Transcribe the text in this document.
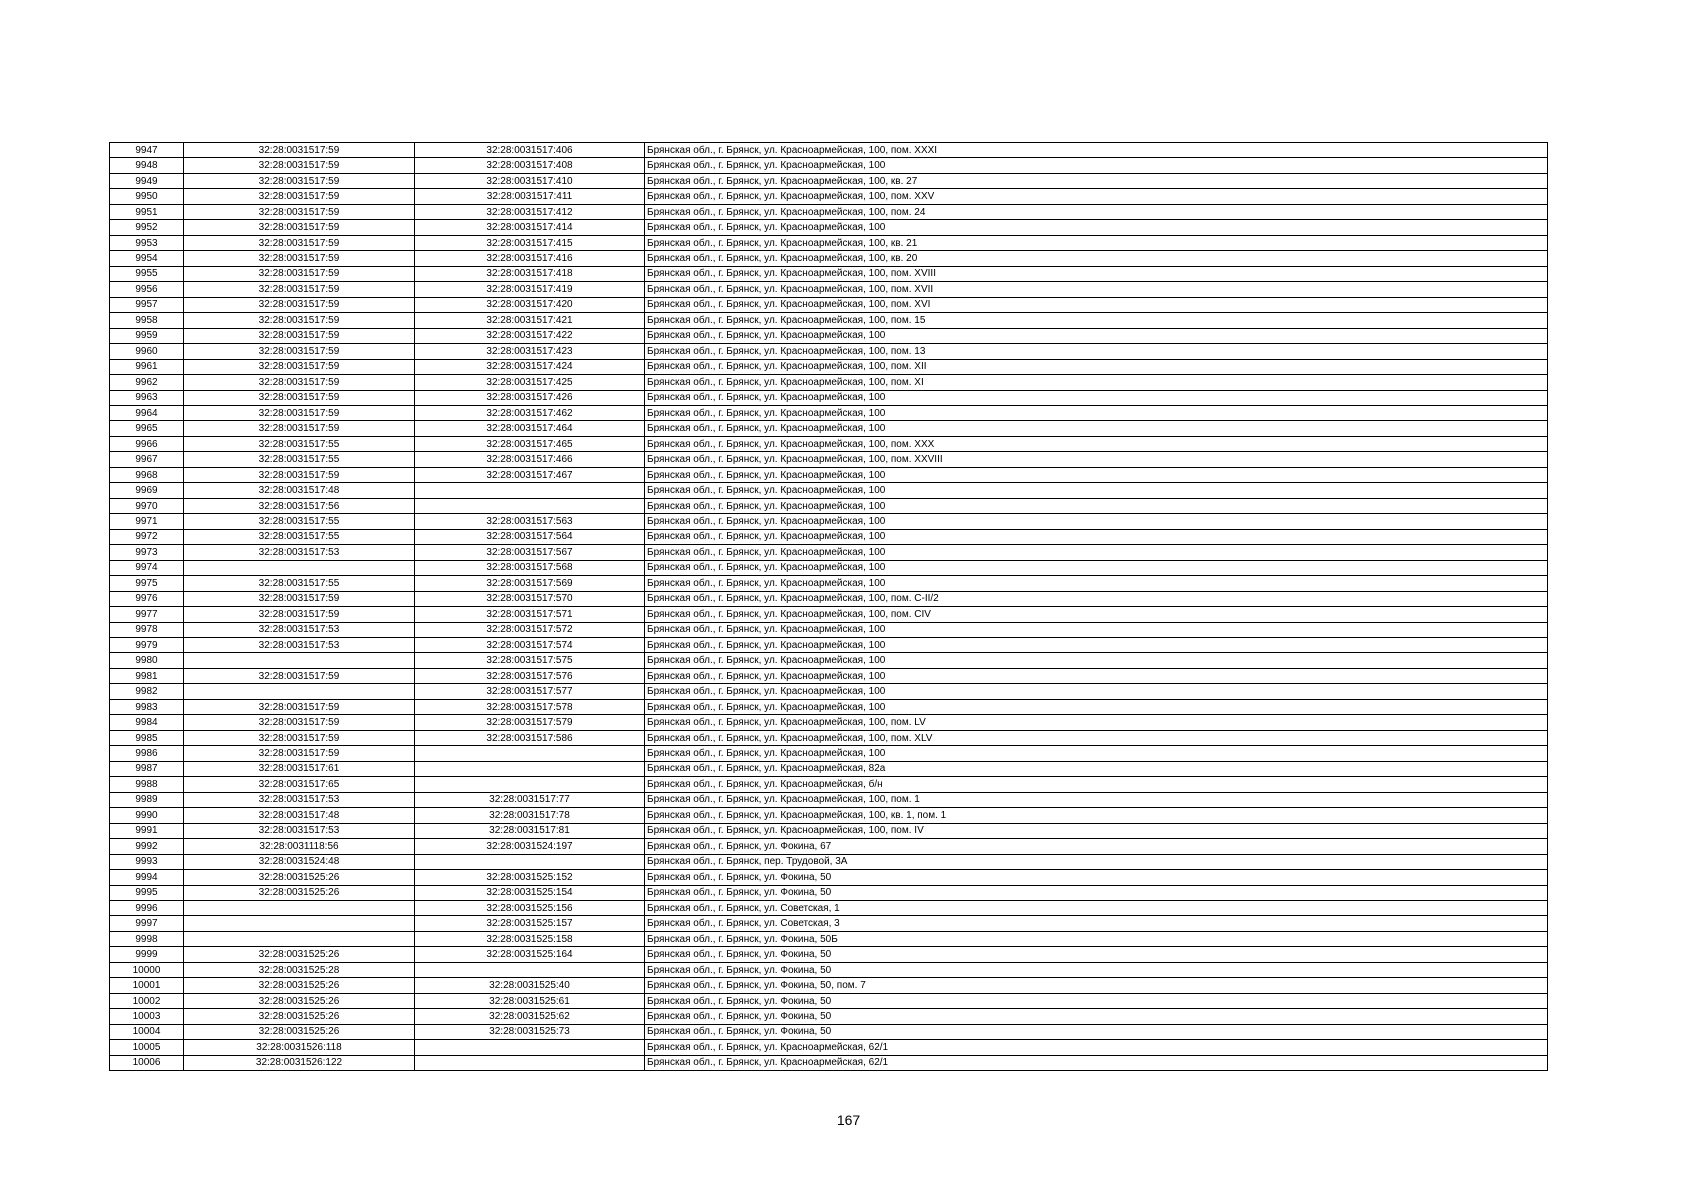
9947	32:28:0031517:59	32:28:0031517:406	Брянская обл., г. Брянск, ул. Красноармейская, 100, пом. XXXI
9948	32:28:0031517:59	32:28:0031517:408	Брянская обл., г. Брянск, ул. Красноармейская, 100
9949	32:28:0031517:59	32:28:0031517:410	Брянская обл., г. Брянск, ул. Красноармейская, 100, кв. 27
9950	32:28:0031517:59	32:28:0031517:411	Брянская обл., г. Брянск, ул. Красноармейская, 100, пом. XXV
9951	32:28:0031517:59	32:28:0031517:412	Брянская обл., г. Брянск, ул. Красноармейская, 100, пом. 24
9952	32:28:0031517:59	32:28:0031517:414	Брянская обл., г. Брянск, ул. Красноармейская, 100
9953	32:28:0031517:59	32:28:0031517:415	Брянская обл., г. Брянск, ул. Красноармейская, 100, кв. 21
9954	32:28:0031517:59	32:28:0031517:416	Брянская обл., г. Брянск, ул. Красноармейская, 100, кв. 20
9955	32:28:0031517:59	32:28:0031517:418	Брянская обл., г. Брянск, ул. Красноармейская, 100, пом. XVIII
9956	32:28:0031517:59	32:28:0031517:419	Брянская обл., г. Брянск, ул. Красноармейская, 100, пом. XVII
9957	32:28:0031517:59	32:28:0031517:420	Брянская обл., г. Брянск, ул. Красноармейская, 100, пом. XVI
9958	32:28:0031517:59	32:28:0031517:421	Брянская обл., г. Брянск, ул. Красноармейская, 100, пом. 15
9959	32:28:0031517:59	32:28:0031517:422	Брянская обл., г. Брянск, ул. Красноармейская, 100
9960	32:28:0031517:59	32:28:0031517:423	Брянская обл., г. Брянск, ул. Красноармейская, 100, пом. 13
9961	32:28:0031517:59	32:28:0031517:424	Брянская обл., г. Брянск, ул. Красноармейская, 100, пом. XII
9962	32:28:0031517:59	32:28:0031517:425	Брянская обл., г. Брянск, ул. Красноармейская, 100, пом. XI
9963	32:28:0031517:59	32:28:0031517:426	Брянская обл., г. Брянск, ул. Красноармейская, 100
9964	32:28:0031517:59	32:28:0031517:462	Брянская обл., г. Брянск, ул. Красноармейская, 100
9965	32:28:0031517:59	32:28:0031517:464	Брянская обл., г. Брянск, ул. Красноармейская, 100
9966	32:28:0031517:55	32:28:0031517:465	Брянская обл., г. Брянск, ул. Красноармейская, 100, пом. XXX
9967	32:28:0031517:55	32:28:0031517:466	Брянская обл., г. Брянск, ул. Красноармейская, 100, пом. XXVIII
9968	32:28:0031517:59	32:28:0031517:467	Брянская обл., г. Брянск, ул. Красноармейская, 100
9969	32:28:0031517:48		Брянская обл., г. Брянск, ул. Красноармейская, 100
9970	32:28:0031517:56		Брянская обл., г. Брянск, ул. Красноармейская, 100
9971	32:28:0031517:55	32:28:0031517:563	Брянская обл., г. Брянск, ул. Красноармейская, 100
9972	32:28:0031517:55	32:28:0031517:564	Брянская обл., г. Брянск, ул. Красноармейская, 100
9973	32:28:0031517:53	32:28:0031517:567	Брянская обл., г. Брянск, ул. Красноармейская, 100
9974		32:28:0031517:568	Брянская обл., г. Брянск, ул. Красноармейская, 100
9975	32:28:0031517:55	32:28:0031517:569	Брянская обл., г. Брянск, ул. Красноармейская, 100
9976	32:28:0031517:59	32:28:0031517:570	Брянская обл., г. Брянск, ул. Красноармейская, 100, пом. С-II/2
9977	32:28:0031517:59	32:28:0031517:571	Брянская обл., г. Брянск, ул. Красноармейская, 100, пом. CIV
9978	32:28:0031517:53	32:28:0031517:572	Брянская обл., г. Брянск, ул. Красноармейская, 100
9979	32:28:0031517:53	32:28:0031517:574	Брянская обл., г. Брянск, ул. Красноармейская, 100
9980		32:28:0031517:575	Брянская обл., г. Брянск, ул. Красноармейская, 100
9981	32:28:0031517:59	32:28:0031517:576	Брянская обл., г. Брянск, ул. Красноармейская, 100
9982		32:28:0031517:577	Брянская обл., г. Брянск, ул. Красноармейская, 100
9983	32:28:0031517:59	32:28:0031517:578	Брянская обл., г. Брянск, ул. Красноармейская, 100
9984	32:28:0031517:59	32:28:0031517:579	Брянская обл., г. Брянск, ул. Красноармейская, 100, пом. LV
9985	32:28:0031517:59	32:28:0031517:586	Брянская обл., г. Брянск, ул. Красноармейская, 100, пом. XLV
9986	32:28:0031517:59		Брянская обл., г. Брянск, ул. Красноармейская, 100
9987	32:28:0031517:61		Брянская обл., г. Брянск, ул. Красноармейская, 82а
9988	32:28:0031517:65		Брянская обл., г. Брянск, ул. Красноармейская, б/н
9989	32:28:0031517:53	32:28:0031517:77	Брянская обл., г. Брянск, ул. Красноармейская, 100, пом. 1
9990	32:28:0031517:48	32:28:0031517:78	Брянская обл., г. Брянск, ул. Красноармейская, 100, кв. 1, пом. 1
9991	32:28:0031517:53	32:28:0031517:81	Брянская обл., г. Брянск, ул. Красноармейская, 100, пом. IV
9992	32:28:0031118:56	32:28:0031524:197	Брянская обл., г. Брянск, ул. Фокина, 67
9993	32:28:0031524:48		Брянская обл., г. Брянск, пер. Трудовой, 3А
9994	32:28:0031525:26	32:28:0031525:152	Брянская обл., г. Брянск, ул. Фокина, 50
9995	32:28:0031525:26	32:28:0031525:154	Брянская обл., г. Брянск, ул. Фокина, 50
9996		32:28:0031525:156	Брянская обл., г. Брянск, ул. Советская, 1
9997		32:28:0031525:157	Брянская обл., г. Брянск, ул. Советская, 3
9998		32:28:0031525:158	Брянская обл., г. Брянск, ул. Фокина, 50Б
9999	32:28:0031525:26	32:28:0031525:164	Брянская обл., г. Брянск, ул. Фокина, 50
10000	32:28:0031525:28		Брянская обл., г. Брянск, ул. Фокина, 50
10001	32:28:0031525:26	32:28:0031525:40	Брянская обл., г. Брянск, ул. Фокина, 50, пом. 7
10002	32:28:0031525:26	32:28:0031525:61	Брянская обл., г. Брянск, ул. Фокина, 50
10003	32:28:0031525:26	32:28:0031525:62	Брянская обл., г. Брянск, ул. Фокина, 50
10004	32:28:0031525:26	32:28:0031525:73	Брянская обл., г. Брянск, ул. Фокина, 50
10005	32:28:0031526:118		Брянская обл., г. Брянск, ул. Красноармейская, 62/1
10006	32:28:0031526:122		Брянская обл., г. Брянск, ул. Красноармейская, 62/1
167
